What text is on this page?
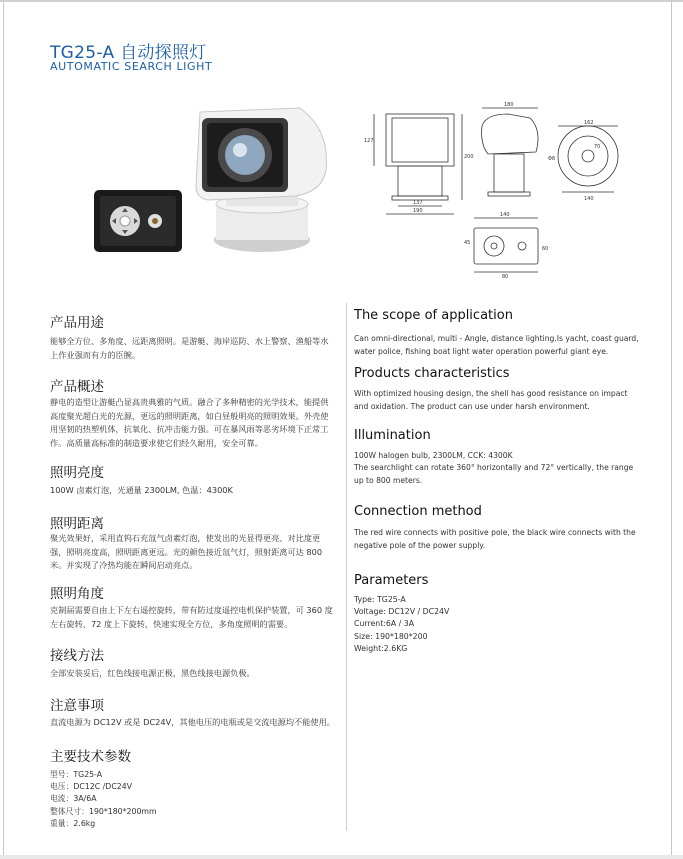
TG25-A 自动探照灯
AUTOMATIC SEARCH LIGHT
127
200
137
190
180
162
70
Φ8
140
140
45
60
80
产品用途

能够全方位、多角度、远距离照明。是游艇、海岸巡防、水上警察、渔船等水上作业强而有力的臣腕。

产品概述

静电的造型让游艇凸显高贵典雅的气质。融合了多种精密的光学技术，能提供高度聚光超白光的光源，更远的照明距离，如白昼般明亮的照明效果。外壳使用坚韧的热塑机体，抗氧化、抗冲击能力强。可在暴风雨等恶劣环境下正常工作。高质量高标准的制造要求使它们经久耐用，安全可靠。

照明亮度

100W 卤素灯泡，光通量 2300LM, 色温：4300K

照明距离

聚光效果好，采用直钨石充氙气卤素灯泡，使发出的光显得更亮、对比度更强，照明亮度高，照明距离更远。光的颜色接近氙气灯，照射距离可达 800 米。并实现了冷热均能在瞬间启动亮点。

照明角度

克制届需要自由上下左右遥控旋转，带有防过度遥控电机保护装置，可 360 度左右旋转、72 度上下旋转，快速实现全方位，多角度照明的需要。

接线方法

全部安装妥后，红色线接电源正极，黑色线接电源负极。

注意事项

直流电源为 DC12V 或是 DC24V，其他电压的电瓶或是交流电源均不能使用。

主要技术参数
型号：TG25-A
电压：DC12C /DC24V
电流：3A/6A
整体尺寸：190*180*200mm
重量：2.6kg
The scope of application

Can omni-directional, multi - Angle, distance lighting.Is yacht, coast guard, water police, fishing boat light water operation powerful giant eye.

Products characteristics

With optimized housing design, the shell has good resistance on impact and oxidation. The product can use under harsh environment.

Illumination

100W halogen bulb, 2300LM, CCK: 4300K

The searchlight can rotate 360° horizontally and 72° vertically, the range up to 800 meters.

Connection method

The red wire connects with positive pole, the black wire connects with the negative pole of the power supply.

Parameters
Type: TG25-A
Voltage: DC12V / DC24V
Current:6A / 3A
Size: 190*180*200
Weight:2.6KG
